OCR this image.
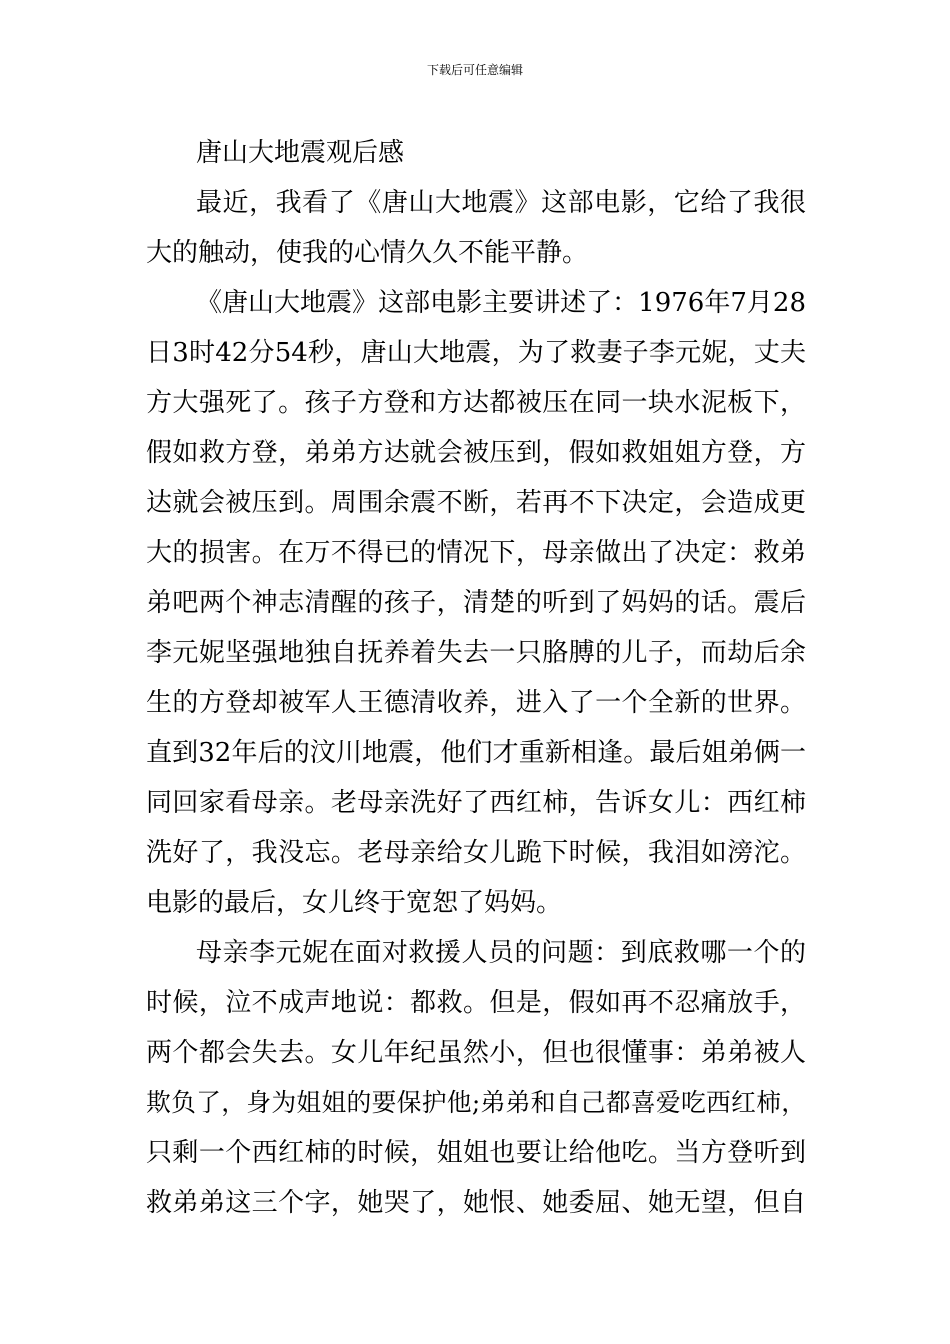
下载后可任意编辑
唐山大地震观后感
最近，我看了《唐山大地震》这部电影，它给了我很
大的触动，使我的心情久久不能平静。
《唐山大地震》这部电影主要讲述了：1976年7月28
日3时42分54秒，唐山大地震，为了救妻子李元妮，丈夫
方大强死了。孩子方登和方达都被压在同一块水泥板下，
假如救方登，弟弟方达就会被压到，假如救姐姐方登，方
达就会被压到。周围余震不断，若再不下决定，会造成更
大的损害。在万不得已的情况下，母亲做出了决定：救弟
弟吧两个神志清醒的孩子，清楚的听到了妈妈的话。震后
李元妮坚强地独自抚养着失去一只胳膊的儿子，而劫后余
生的方登却被军人王德清收养，进入了一个全新的世界。
直到32年后的汶川地震，他们才重新相逢。最后姐弟俩一
同回家看母亲。老母亲洗好了西红柿，告诉女儿：西红柿
洗好了，我没忘。老母亲给女儿跪下时候，我泪如滂沱。
电影的最后，女儿终于宽恕了妈妈。
母亲李元妮在面对救援人员的问题：到底救哪一个的
时候，泣不成声地说：都救。但是，假如再不忍痛放手，
两个都会失去。女儿年纪虽然小，但也很懂事：弟弟被人
欺负了，身为姐姐的要保护他;弟弟和自己都喜爱吃西红柿，
只剩一个西红柿的时候，姐姐也要让给他吃。当方登听到
救弟弟这三个字，她哭了，她恨、她委屈、她无望，但自
